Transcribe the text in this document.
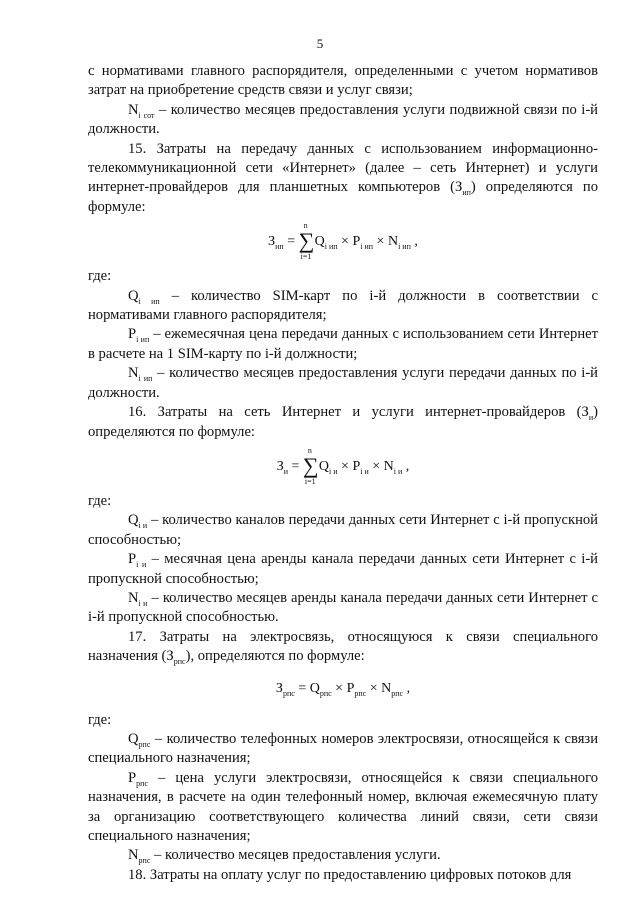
5

с нормативами главного распорядителя, определенными с учетом нормативов затрат на приобретение средств связи и услуг связи;

$N_{i сот}$ – количество месяцев предоставления услуги подвижной связи по i-й должности.

15. Затраты на передачу данных с использованием информационно-телекоммуникационной сети «Интернет» (далее – сеть Интернет) и услуги интернет-провайдеров для планшетных компьютеров $(З_{ип})$ определяются по формуле:

$З_{ип}$ =
n
∑
i=1
$Q_{i ип} \times P_{i ип} \times N_{i ип}$ ,

где:

$Q_{i ип}$ – количество SIM-карт по i-й должности в соответствии с нормативами главного распорядителя;

$P_{i ип}$ – ежемесячная цена передачи данных с использованием сети Интернет в расчете на 1 SIM-карту по i-й должности;

$N_{i ип}$ – количество месяцев предоставления услуги передачи данных по i-й должности.

16. Затраты на сеть Интернет и услуги интернет-провайдеров $(З_и)$ определяются по формуле:

$З_и$ =
n
∑
i=1
$Q_{i и} \times P_{i и} \times N_{i и}$ ,

где:

$Q_{i и}$ – количество каналов передачи данных сети Интернет с i-й пропускной способностью;

$P_{i и}$ – месячная цена аренды канала передачи данных сети Интернет с i-й пропускной способностью;

$N_{i и}$ – количество месяцев аренды канала передачи данных сети Интернет с i-й пропускной способностью.

17. Затраты на электросвязь, относящуюся к связи специального назначения $(З_{рпс})$, определяются по формуле:

$З_{рпс} = Q_{рпс} \times P_{рпс} \times N_{рпс}$ ,

где:

$Q_{рпс}$ – количество телефонных номеров электросвязи, относящейся к связи специального назначения;

$P_{рпс}$ – цена услуги электросвязи, относящейся к связи специального назначения, в расчете на один телефонный номер, включая ежемесячную плату за организацию соответствующего количества линий связи, сети связи специального назначения;

$N_{рпс}$ – количество месяцев предоставления услуги.

18. Затраты на оплату услуг по предоставлению цифровых потоков для
